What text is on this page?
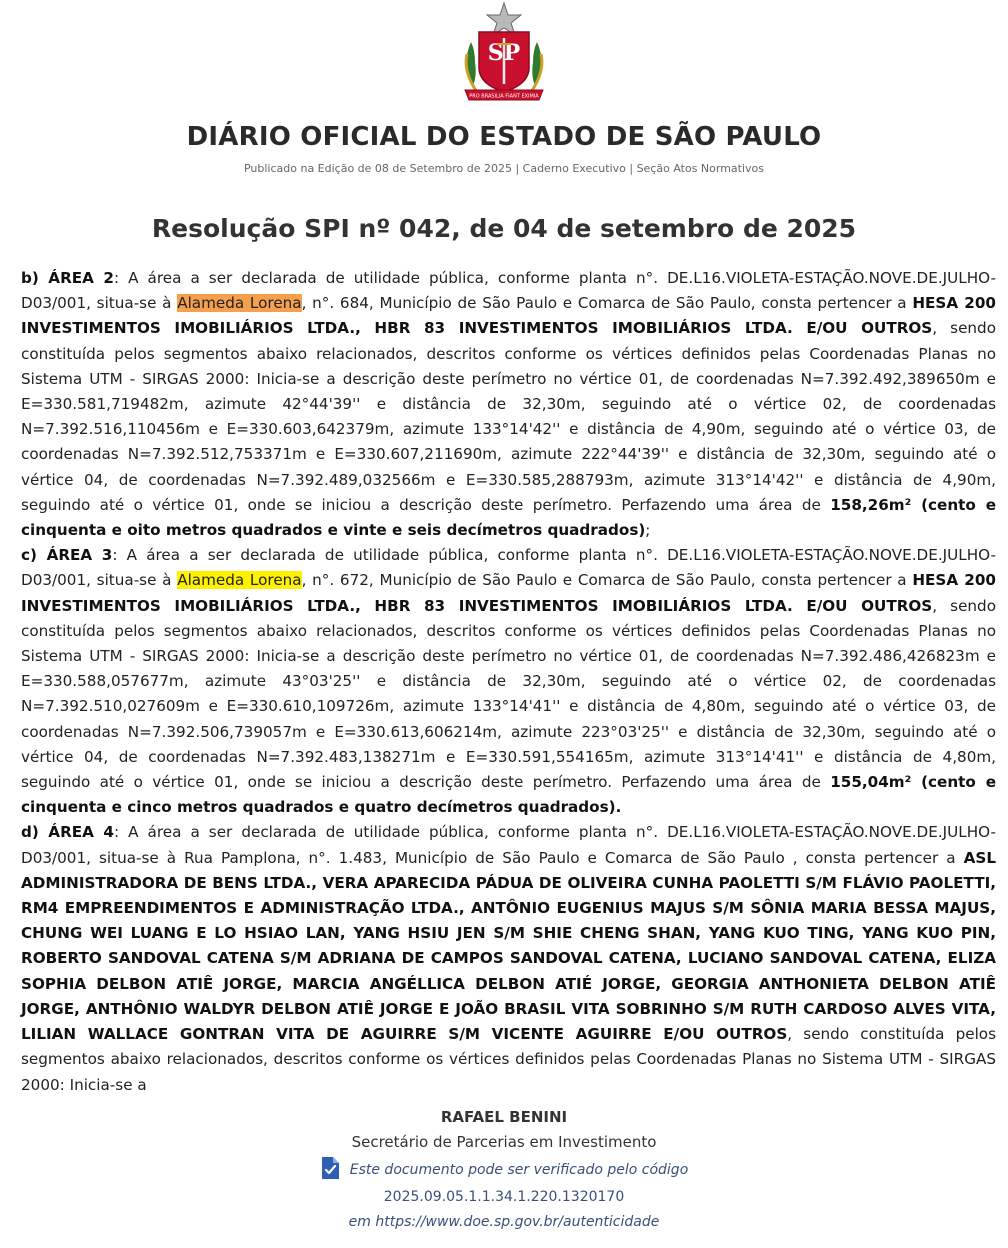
SP
PRO BRASILIA FIANT EXIMIA
DIÁRIO OFICIAL DO ESTADO DE SÃO PAULO
Publicado na Edição de 08 de Setembro de 2025 | Caderno Executivo | Seção Atos Normativos
Resolução SPI nº 042, de 04 de setembro de 2025

b) ÁREA 2: A área a ser declarada de utilidade pública, conforme planta n°. DE.L16.VIOLETA-ESTAÇÃO.NOVE.DE.JULHO-D03/001, situa-se à Alameda Lorena, n°. 684, Município de São Paulo e Comarca de São Paulo, consta pertencer a HESA 200 INVESTIMENTOS IMOBILIÁRIOS LTDA., HBR 83 INVESTIMENTOS IMOBILIÁRIOS LTDA. E/OU OUTROS, sendo constituída pelos segmentos abaixo relacionados, descritos conforme os vértices definidos pelas Coordenadas Planas no Sistema UTM - SIRGAS 2000: Inicia-se a descrição deste perímetro no vértice 01, de coordenadas N=7.392.492,389650m e E=330.581,719482m, azimute 42°44'39'' e distância de 32,30m, seguindo até o vértice 02, de coordenadas N=7.392.516,110456m e E=330.603,642379m, azimute 133°14'42'' e distância de 4,90m, seguindo até o vértice 03, de coordenadas N=7.392.512,753371m e E=330.607,211690m, azimute 222°44'39'' e distância de 32,30m, seguindo até o vértice 04, de coordenadas N=7.392.489,032566m e E=330.585,288793m, azimute 313°14'42'' e distância de 4,90m, seguindo até o vértice 01, onde se iniciou a descrição deste perímetro. Perfazendo uma área de 158,26m² (cento e cinquenta e oito metros quadrados e vinte e seis decímetros quadrados);

c) ÁREA 3: A área a ser declarada de utilidade pública, conforme planta n°. DE.L16.VIOLETA-ESTAÇÃO.NOVE.DE.JULHO-D03/001, situa-se à Alameda Lorena, n°. 672, Município de São Paulo e Comarca de São Paulo, consta pertencer a HESA 200 INVESTIMENTOS IMOBILIÁRIOS LTDA., HBR 83 INVESTIMENTOS IMOBILIÁRIOS LTDA. E/OU OUTROS, sendo constituída pelos segmentos abaixo relacionados, descritos conforme os vértices definidos pelas Coordenadas Planas no Sistema UTM - SIRGAS 2000: Inicia-se a descrição deste perímetro no vértice 01, de coordenadas N=7.392.486,426823m e E=330.588,057677m, azimute 43°03'25'' e distância de 32,30m, seguindo até o vértice 02, de coordenadas N=7.392.510,027609m e E=330.610,109726m, azimute 133°14'41'' e distância de 4,80m, seguindo até o vértice 03, de coordenadas N=7.392.506,739057m e E=330.613,606214m, azimute 223°03'25'' e distância de 32,30m, seguindo até o vértice 04, de coordenadas N=7.392.483,138271m e E=330.591,554165m, azimute 313°14'41'' e distância de 4,80m, seguindo até o vértice 01, onde se iniciou a descrição deste perímetro. Perfazendo uma área de 155,04m² (cento e cinquenta e cinco metros quadrados e quatro decímetros quadrados).

d) ÁREA 4: A área a ser declarada de utilidade pública, conforme planta n°. DE.L16.VIOLETA-ESTAÇÃO.NOVE.DE.JULHO-D03/001, situa-se à Rua Pamplona, n°. 1.483, Município de São Paulo e Comarca de São Paulo , consta pertencer a ASL ADMINISTRADORA DE BENS LTDA., VERA APARECIDA PÁDUA DE OLIVEIRA CUNHA PAOLETTI S/M FLÁVIO PAOLETTI, RM4 EMPREENDIMENTOS E ADMINISTRAÇÃO LTDA., ANTÔNIO EUGENIUS MAJUS S/M SÔNIA MARIA BESSA MAJUS, CHUNG WEI LUANG E LO HSIAO LAN, YANG HSIU JEN S/M SHIE CHENG SHAN, YANG KUO TING, YANG KUO PIN, ROBERTO SANDOVAL CATENA S/M ADRIANA DE CAMPOS SANDOVAL CATENA, LUCIANO SANDOVAL CATENA, ELIZA SOPHIA DELBON ATIÊ JORGE, MARCIA ANGÉLLICA DELBON ATIÉ JORGE, GEORGIA ANTHONIETA DELBON ATIÊ JORGE, ANTHÔNIO WALDYR DELBON ATIÊ JORGE E JOÃO BRASIL VITA SOBRINHO S/M RUTH CARDOSO ALVES VITA, LILIAN WALLACE GONTRAN VITA DE AGUIRRE S/M VICENTE AGUIRRE E/OU OUTROS, sendo constituída pelos segmentos abaixo relacionados, descritos conforme os vértices definidos pelas Coordenadas Planas no Sistema UTM - SIRGAS 2000: Inicia-se a

RAFAEL BENINI
Secretário de Parcerias em Investimento
Este documento pode ser verificado pelo código
2025.09.05.1.1.34.1.220.1320170
em https://www.doe.sp.gov.br/autenticidade
